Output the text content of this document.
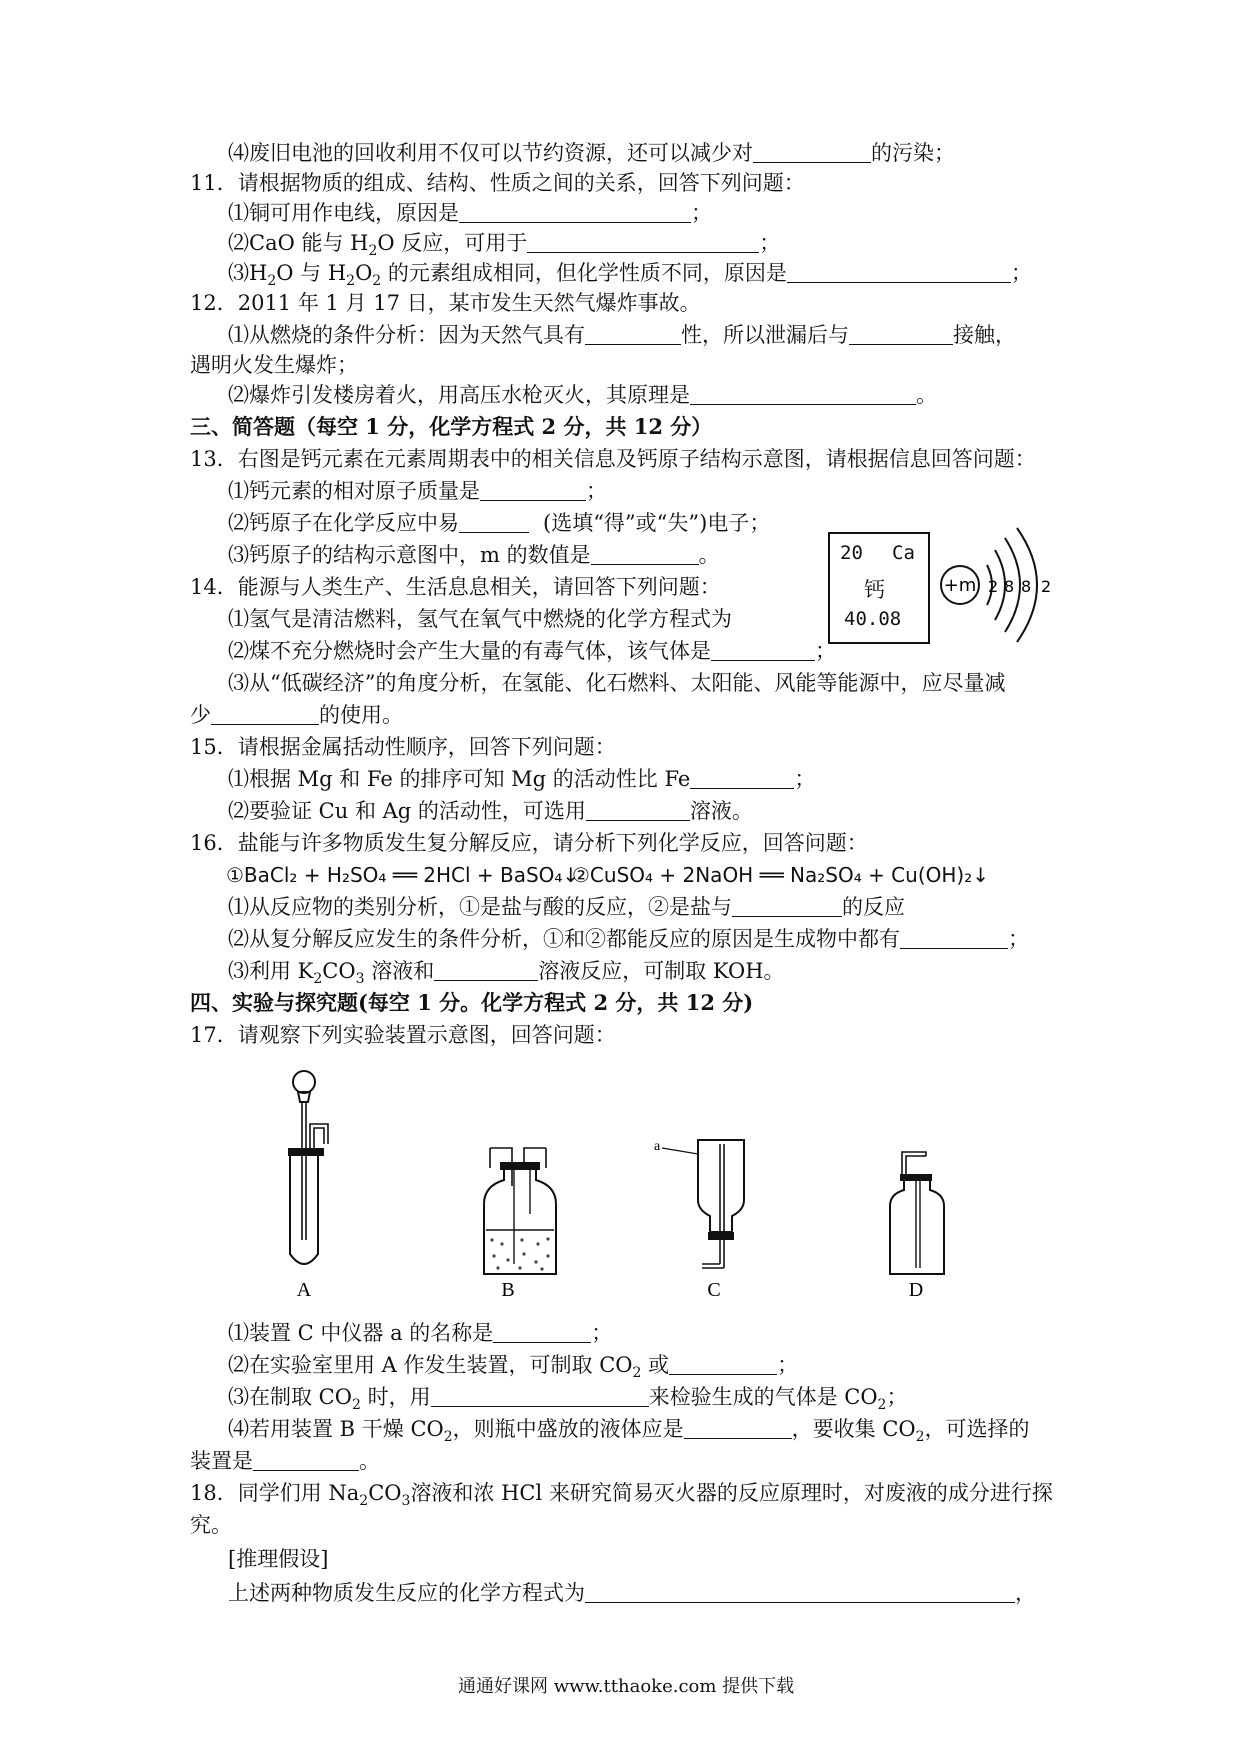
⑷废旧电池的回收利用不仅可以节约资源，还可以减少对	的污染；
11．请根据物质的组成、结构、性质之间的关系，回答下列问题：
⑴铜可用作电线，原因是	；
⑵CaO 能与 $H_2O$ 反应，可用于	；
$⑶H_2O$ 与 $H_2O_2$ 的元素组成相同，但化学性质不同，原因是	；
12．2011 年 1 月 17 日，某市发生天然气爆炸事故。
⑴从燃烧的条件分析：因为天然气具有	性，所以泄漏后与	接触，
遇明火发生爆炸；
⑵爆炸引发楼房着火，用高压水枪灭火，其原理是	。
三、简答题（每空 1 分，化学方程式 2 分，共 12 分）
13．右图是钙元素在元素周期表中的相关信息及钙原子结构示意图，请根据信息回答问题：
⑴钙元素的相对原子质量是	；
⑵钙原子在化学反应中易	(选填“得”或“失”)电子；
⑶钙原子的结构示意图中，m 的数值是	。	20 Ca
钙
40.08
+m 2 8 8 2
14．能源与人类生产、生活息息相关，请回答下列问题：
⑴氢气是清洁燃料，氢气在氧气中燃烧的化学方程式为
⑵煤不充分燃烧时会产生大量的有毒气体，该气体是	；
⑶从“低碳经济”的角度分析，在氢能、化石燃料、太阳能、风能等能源中，应尽量减
少	的使用。
15．请根据金属括动性顺序，回答下列问题：
⑴根据 Mg 和 Fe 的排序可知 Mg 的活动性比 Fe	；
⑵要验证 Cu 和 Ag 的活动性，可选用	溶液。
16．盐能与许多物质发生复分解反应，请分析下列化学反应，回答问题：
①BaCl₂ + H₂SO₄ ══ 2HCl + BaSO₄↓
②CuSO₄ + 2NaOH ══ Na₂SO₄ + Cu(OH)₂↓
⑴从反应物的类别分析，①是盐与酸的反应，②是盐与	的反应
⑵从复分解反应发生的条件分析，①和②都能反应的原因是生成物中都有	；
⑶利用 $K_2CO_3$ 溶液和	溶液反应，可制取 KOH。
四、实验与探究题(每空 1 分。化学方程式 2 分，共 12 分)
17．请观察下列实验装置示意图，回答问题：
A	B
a
C	D
⑴装置 C 中仪器 a 的名称是	；
⑵在实验室里用 A 作发生装置，可制取 $CO_2$ 或	；
⑶在制取 $CO_2$ 时，用	来检验生成的气体是 $CO_2$；
⑷若用装置 B 干燥 $CO_2$，则瓶中盛放的液体应是	，要收集 $CO_2$，可选择的
装置是	。
18．同学们用 $Na_2CO_3$溶液和浓 HCl 来研究简易灭火器的反应原理时，对废液的成分进行探
究。
[推理假设]
上述两种物质发生反应的化学方程式为	，
通通好课网 www.tthaoke.com 提供下载
